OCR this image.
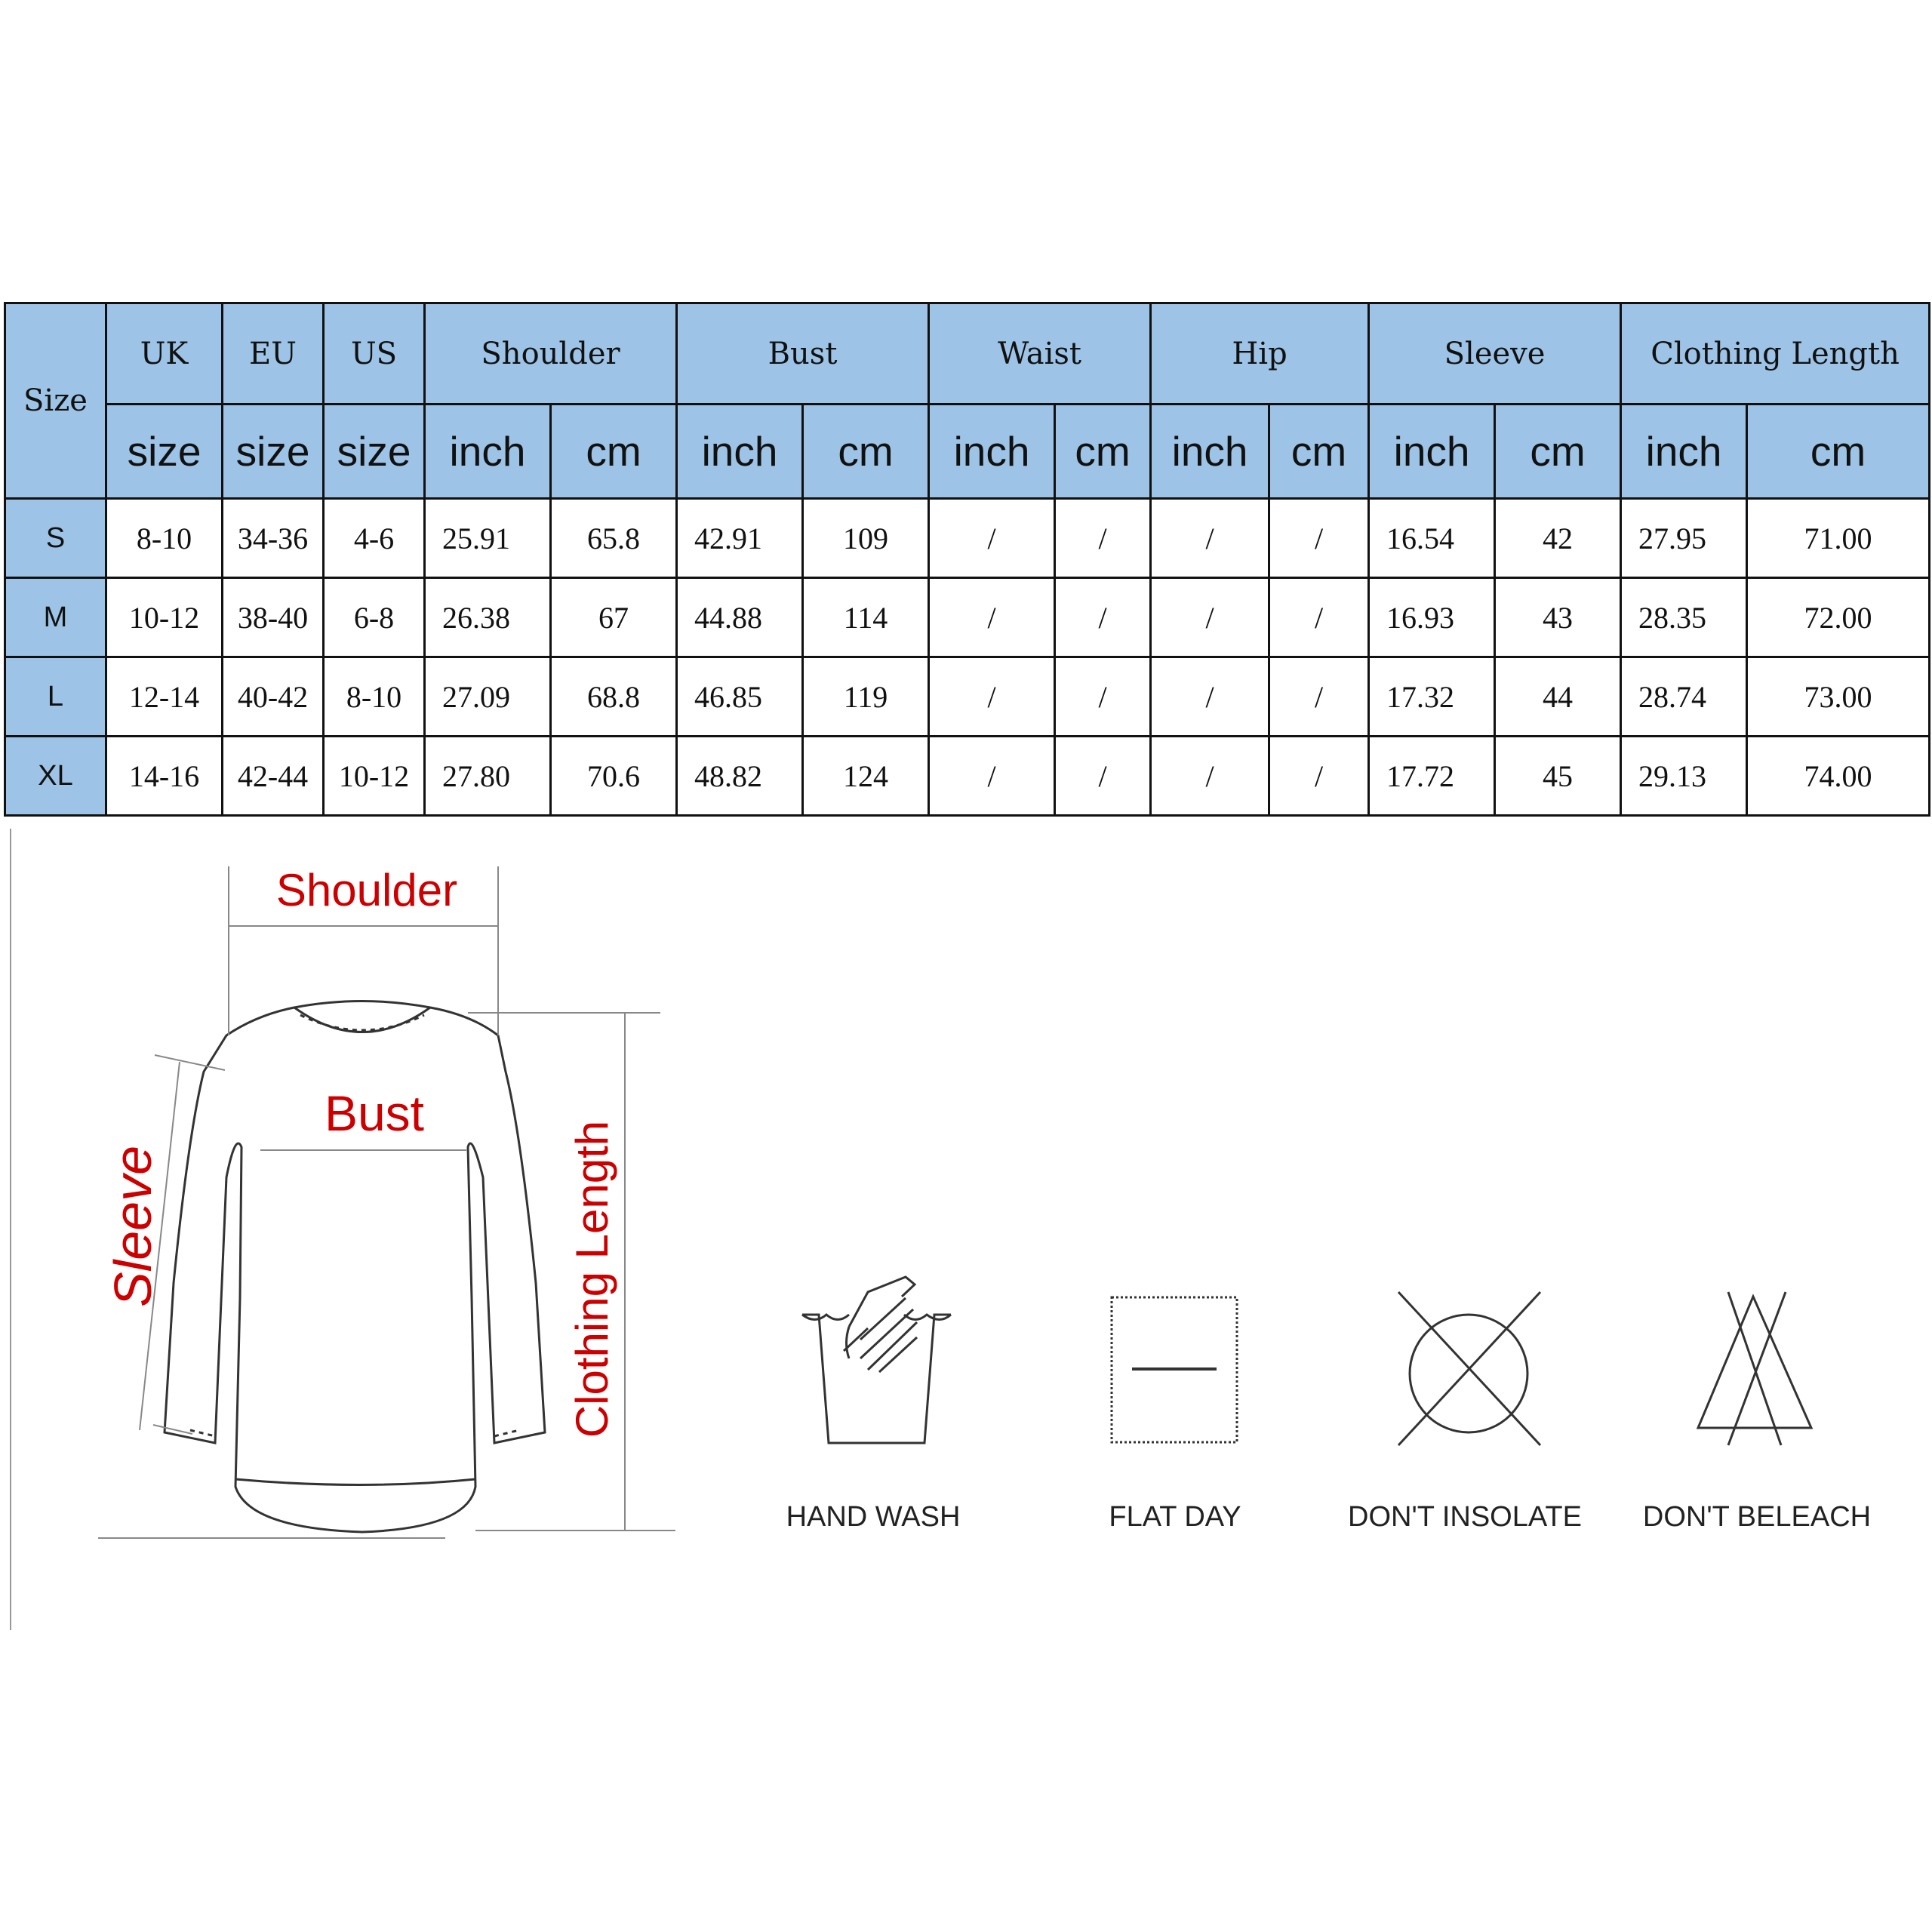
Size	UK	EU	US	Shoulder		Bust		Waist		Hip		Sleeve		Clothing Length	
	size	size	size	inch	cm	inch	cm	inch	cm	inch	cm	inch	cm	inch	cm
S	8-10	34-36	4-6	25.91	65.8	42.91	109	/	/	/	/	16.54	42	27.95	71.00
M	10-12	38-40	6-8	26.38	67	44.88	114	/	/	/	/	16.93	43	28.35	72.00
L	12-14	40-42	8-10	27.09	68.8	46.85	119	/	/	/	/	17.32	44	28.74	73.00
XL	14-16	42-44	10-12	27.80	70.6	48.82	124	/	/	/	/	17.72	45	29.13	74.00
Shoulder
Bust
Sleeve	Clothing Length
HAND WASH	FLAT DAY	DON'T INSOLATE DON'T BELEACH
